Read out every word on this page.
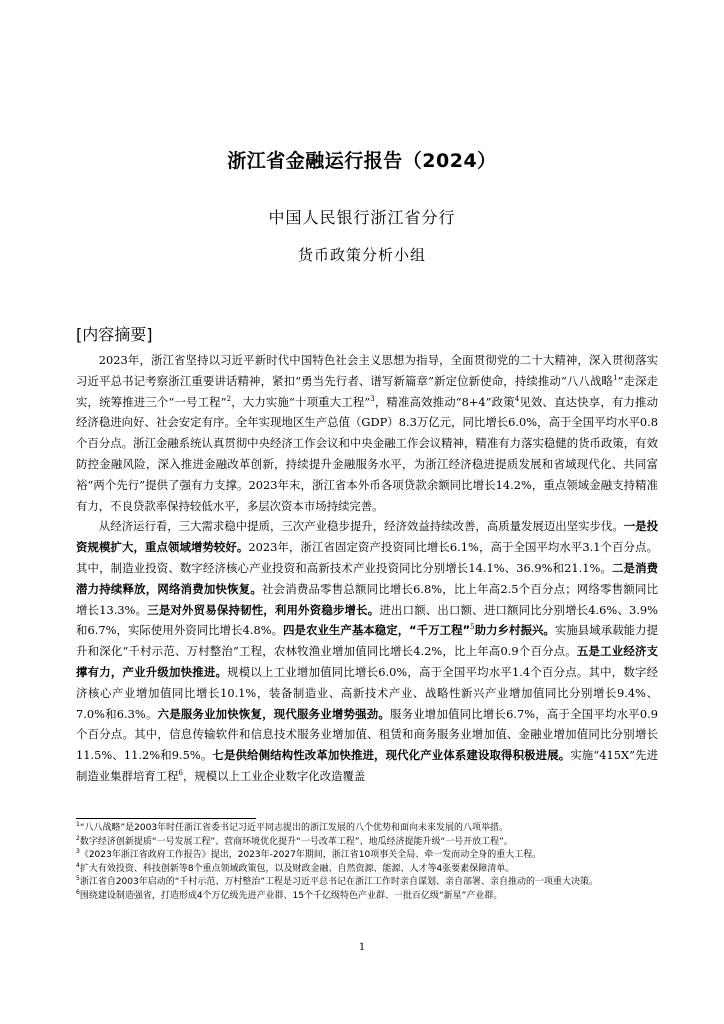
浙江省金融运行报告（2024）
中国人民银行浙江省分行
货币政策分析小组
[内容摘要]

2023年，浙江省坚持以习近平新时代中国特色社会主义思想为指导，全面贯彻党的二十大精神，深入贯彻落实习近平总书记考察浙江重要讲话精神，紧扣“勇当先行者、谱写新篇章”新定位新使命，持续推动“八八战略$^1$”走深走实，统筹推进三个“一号工程”$^2$，大力实施“十项重大工程”$^3$，精准高效推动“8+4”政策$^4$见效、直达快享，有力推动经济稳进向好、社会安定有序。全年实现地区生产总值（GDP）8.3万亿元，同比增长6.0%，高于全国平均水平0.8个百分点。浙江金融系统认真贯彻中央经济工作会议和中央金融工作会议精神，精准有力落实稳健的货币政策，有效防控金融风险，深入推进金融改革创新，持续提升金融服务水平，为浙江经济稳进提质发展和省域现代化、共同富裕“两个先行”提供了强有力支撑。2023年末，浙江省本外币各项贷款余额同比增长14.2%，重点领域金融支持精准有力，不良贷款率保持较低水平，多层次资本市场持续完善。

从经济运行看，三大需求稳中提质，三次产业稳步提升，经济效益持续改善，高质量发展迈出坚实步伐。一是投资规模扩大，重点领域增势较好。2023年，浙江省固定资产投资同比增长6.1%，高于全国平均水平3.1个百分点。其中，制造业投资、数字经济核心产业投资和高新技术产业投资同比分别增长14.1%、36.9%和21.1%。二是消费潜力持续释放，网络消费加快恢复。社会消费品零售总额同比增长6.8%，比上年高2.5个百分点；网络零售额同比增长13.3%。三是对外贸易保持韧性，利用外资稳步增长。进出口额、出口额、进口额同比分别增长4.6%、3.9%和6.7%，实际使用外资同比增长4.8%。四是农业生产基本稳定，“千万工程”$^5$助力乡村振兴。实施县域承载能力提升和深化“千村示范、万村整治”工程，农林牧渔业增加值同比增长4.2%，比上年高0.9个百分点。五是工业经济支撑有力，产业升级加快推进。规模以上工业增加值同比增长6.0%，高于全国平均水平1.4个百分点。其中，数字经济核心产业增加值同比增长10.1%，装备制造业、高新技术产业、战略性新兴产业增加值同比分别增长9.4%、7.0%和6.3%。六是服务业加快恢复，现代服务业增势强劲。服务业增加值同比增长6.7%，高于全国平均水平0.9个百分点。其中，信息传输软件和信息技术服务业增加值、租赁和商务服务业增加值、金融业增加值同比分别增长11.5%、11.2%和9.5%。七是供给侧结构性改革加快推进，现代化产业体系建设取得积极进展。实施“415X”先进制造业集群培育工程$^6$，规模以上工业企业数字化改造覆盖

$^1$“八八战略”是2003年时任浙江省委书记习近平同志提出的浙江发展的八个优势和面向未来发展的八项举措。
$^2$数字经济创新提质“一号发展工程”、营商环境优化提升“一号改革工程”、地瓜经济提能升级“一号开放工程”。
$^3$《2023年浙江省政府工作报告》提出，2023年-2027年期间，浙江省10项事关全局、牵一发而动全身的重大工程。
$^4$扩大有效投资、科技创新等8个重点领域政策包，以及财政金融、自然资源、能源、人才等4张要素保障清单。
$^5$浙江省自2003年启动的“千村示范、万村整治”工程是习近平总书记在浙江工作时亲自谋划、亲自部署、亲自推动的一项重大决策。
$^6$围绕建设制造强省，打造形成4个万亿级先进产业群、15个千亿级特色产业群、一批百亿级“新星”产业群。
1
